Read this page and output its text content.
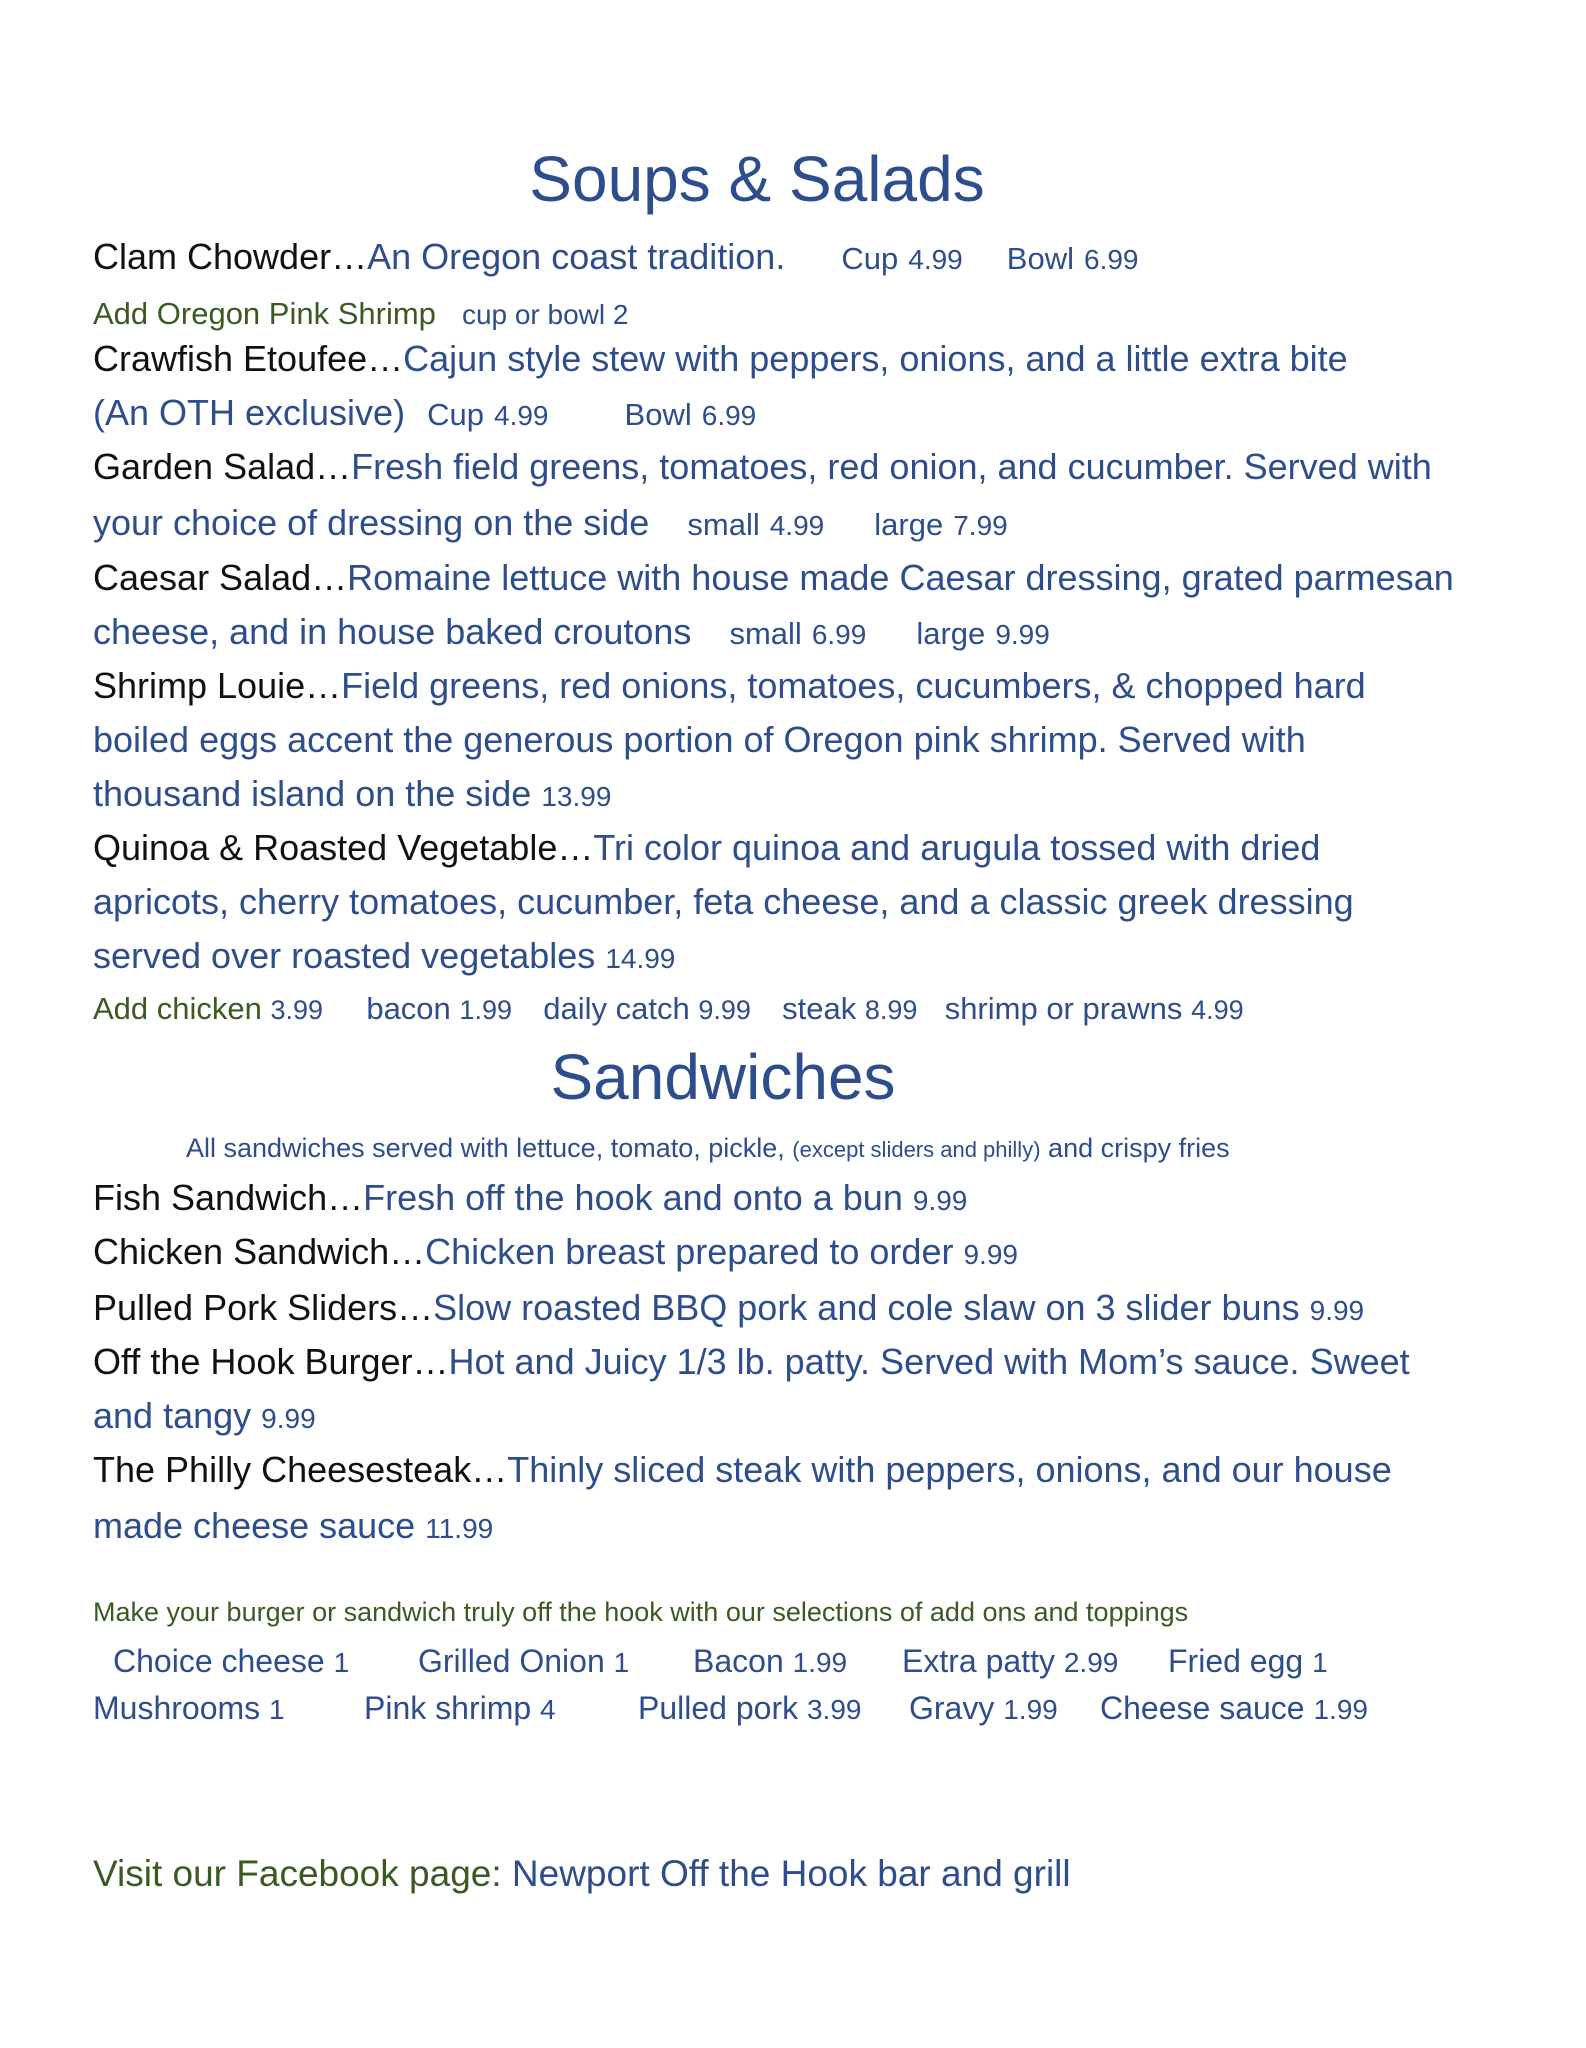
Soups & Salads
Clam Chowder…An Oregon coast tradition. Cup 4.99 Bowl 6.99
Add Oregon Pink Shrimp cup or bowl 2
Crawfish Etoufee…Cajun style stew with peppers, onions, and a little extra bite
(An OTH exclusive) Cup 4.99 Bowl 6.99
Garden Salad…Fresh field greens, tomatoes, red onion, and cucumber. Served with
your choice of dressing on the side small 4.99 large 7.99
Caesar Salad…Romaine lettuce with house made Caesar dressing, grated parmesan
cheese, and in house baked croutons small 6.99 large 9.99
Shrimp Louie…Field greens, red onions, tomatoes, cucumbers, & chopped hard
boiled eggs accent the generous portion of Oregon pink shrimp. Served with
thousand island on the side 13.99
Quinoa & Roasted Vegetable…Tri color quinoa and arugula tossed with dried
apricots, cherry tomatoes, cucumber, feta cheese, and a classic greek dressing
served over roasted vegetables 14.99
Add chicken 3.99 bacon 1.99 daily catch 9.99 steak 8.99 shrimp or prawns 4.99
Sandwiches
All sandwiches served with lettuce, tomato, pickle, (except sliders and philly) and crispy fries
Fish Sandwich…Fresh off the hook and onto a bun 9.99
Chicken Sandwich…Chicken breast prepared to order 9.99
Pulled Pork Sliders…Slow roasted BBQ pork and cole slaw on 3 slider buns 9.99
Off the Hook Burger…Hot and Juicy 1/3 lb. patty. Served with Mom’s sauce. Sweet
and tangy 9.99
The Philly Cheesesteak…Thinly sliced steak with peppers, onions, and our house
made cheese sauce 11.99
Make your burger or sandwich truly off the hook with our selections of add ons and toppings
Choice cheese 1 Grilled Onion 1 Bacon 1.99 Extra patty 2.99 Fried egg 1
Mushrooms 1 Pink shrimp 4	Pulled pork 3.99 Gravy 1.99 Cheese sauce 1.99
Visit our Facebook page: Newport Off the Hook bar and grill
